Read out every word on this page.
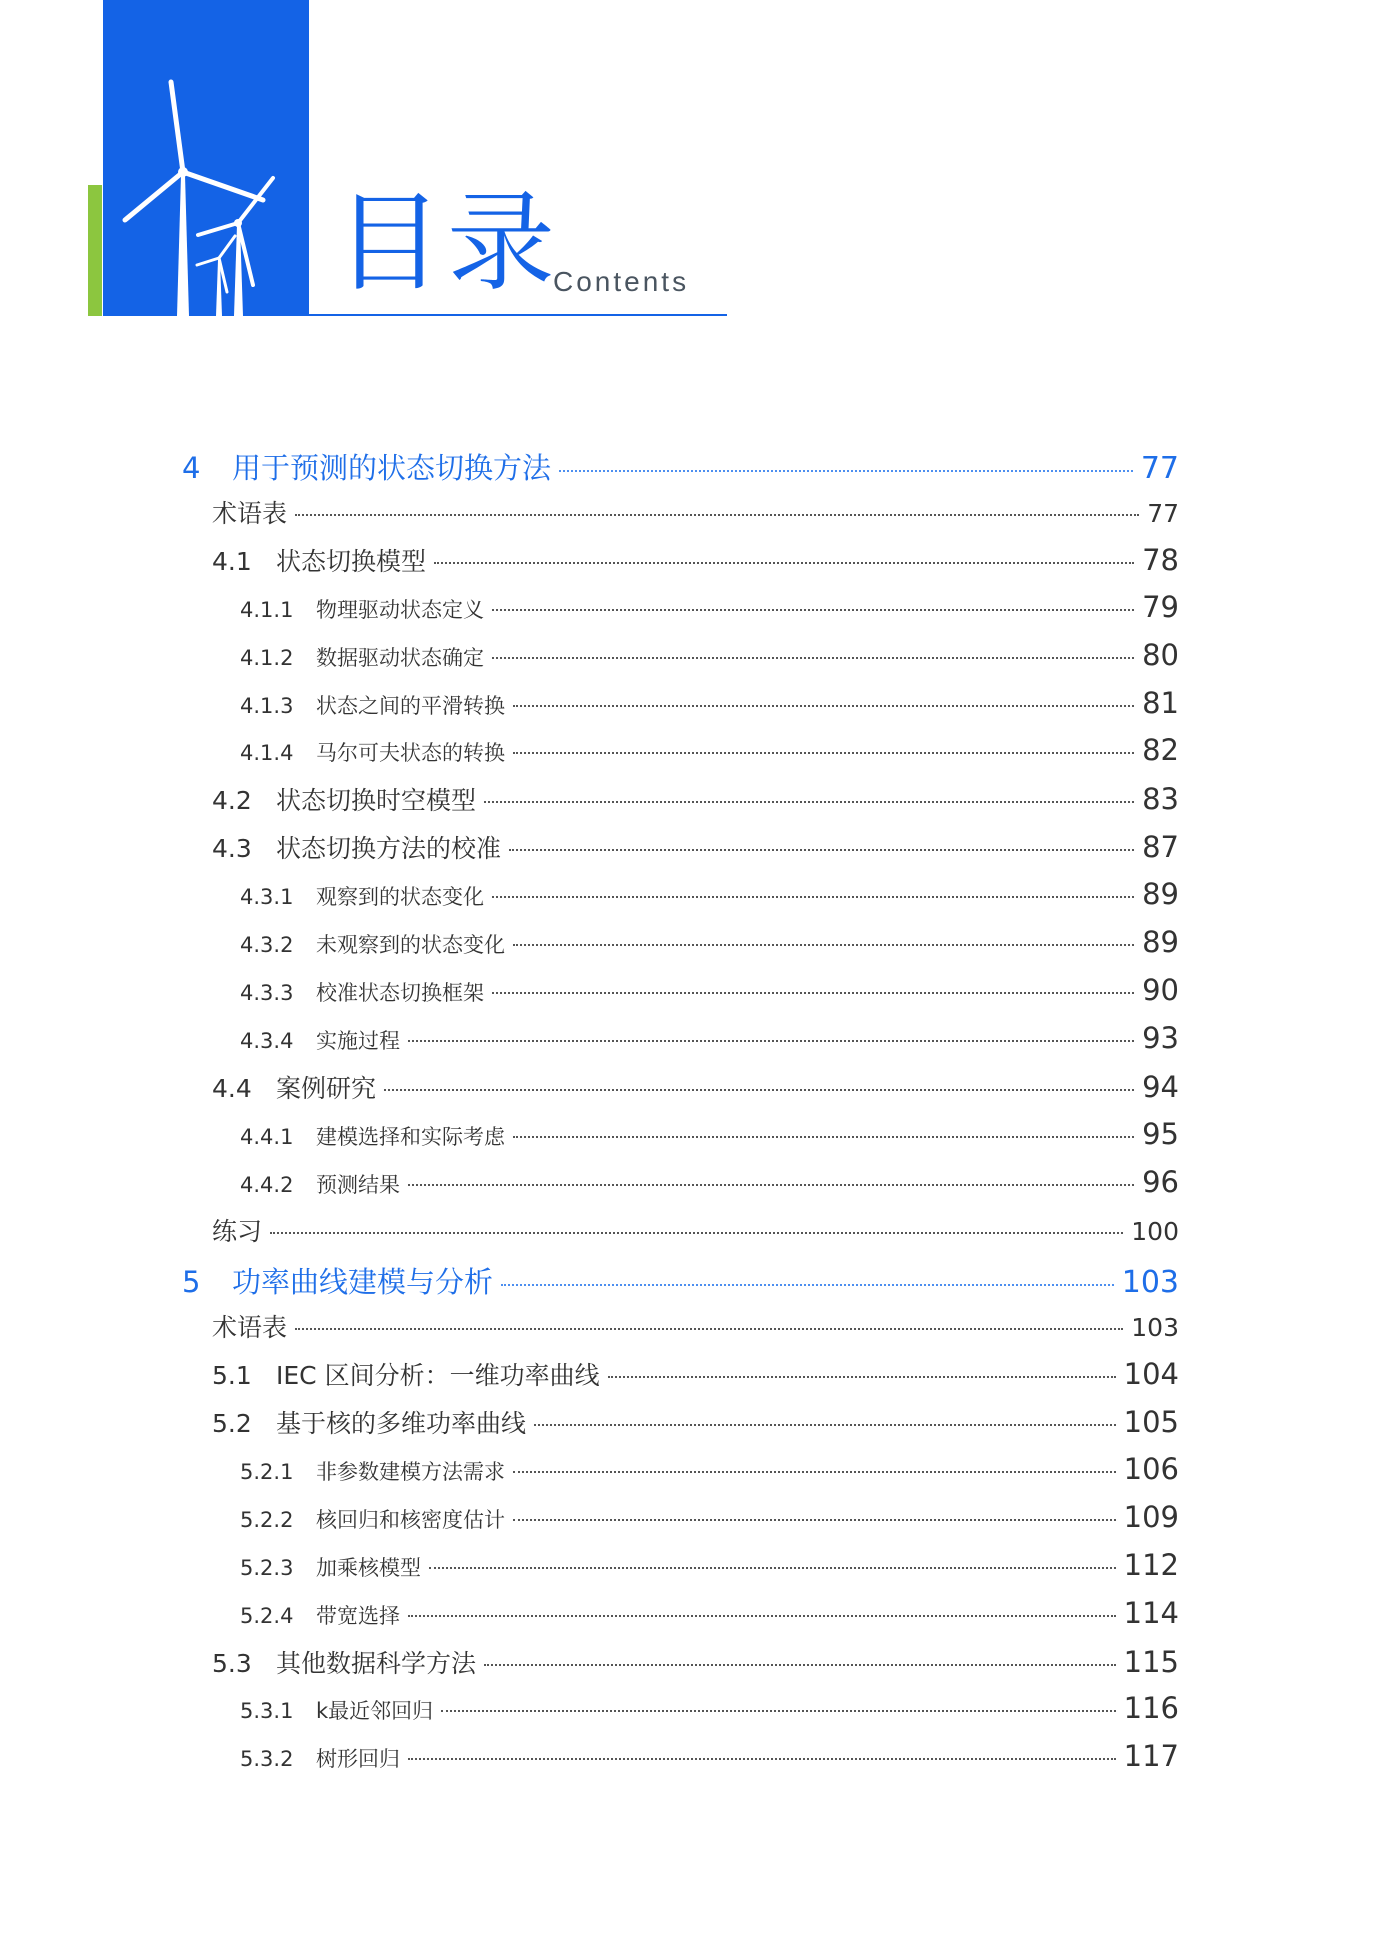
目录
Contents
4	用于预测的状态切换方法	77
术语表	77
4.1 状态切换模型	78
4.1.1	物理驱动状态定义	79
4.1.2	数据驱动状态确定	80
4.1.3	状态之间的平滑转换	81
4.1.4	马尔可夫状态的转换	82
4.2 状态切换时空模型	83
4.3 状态切换方法的校准	87
4.3.1	观察到的状态变化	89
4.3.2	未观察到的状态变化	89
4.3.3	校准状态切换框架	90
4.3.4	实施过程	93
4.4 案例研究	94
4.4.1	建模选择和实际考虑	95
4.4.2	预测结果	96
练习	100
5	功率曲线建模与分析	103
术语表	103
5.1 IEC 区间分析：一维功率曲线	104
5.2 基于核的多维功率曲线	105
5.2.1	非参数建模方法需求	106
5.2.2	核回归和核密度估计	109
5.2.3	加乘核模型	112
5.2.4	带宽选择	114
5.3 其他数据科学方法	115
5.3.1	k最近邻回归	116
5.3.2	树形回归	117
